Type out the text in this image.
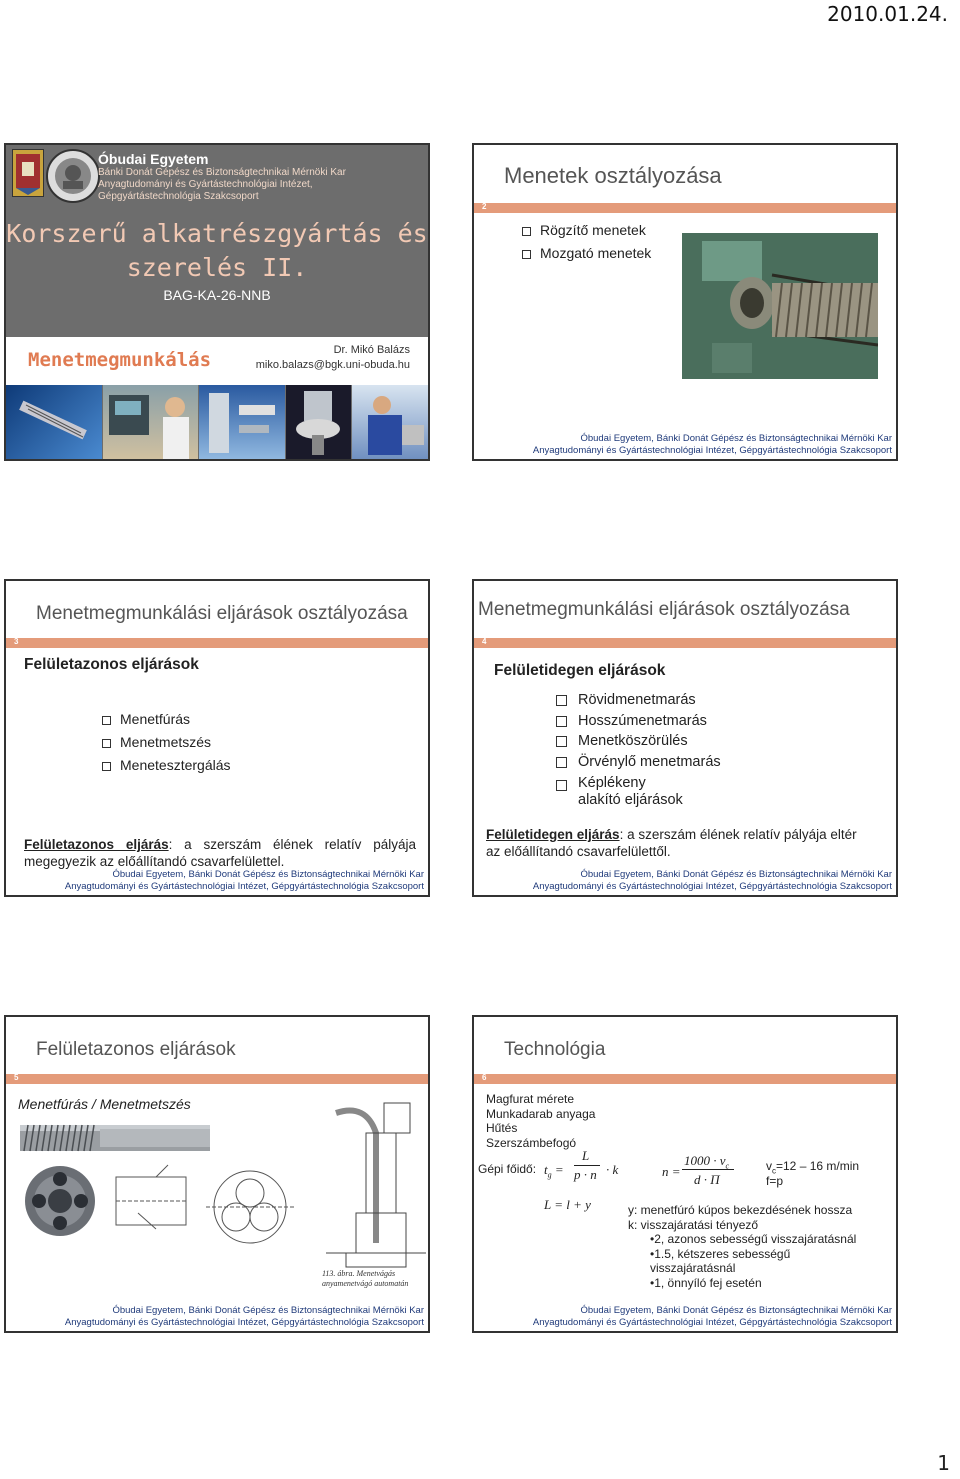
2010.01.24.
Óbudai Egyetem
Bánki Donát Gépész és Biztonságtechnikai Mérnöki Kar
Anyagtudományi és Gyártástechnológiai Intézet,
Gépgyártástechnológia Szakcsoport
Korszerű alkatrészgyártás és
szerelés II.
BAG-KA-26-NNB
Menetmegmunkálás	Dr. Mikó Balázs
miko.balazs@bgk.uni-obuda.hu
Menetek osztályozása
2
Rögzítő menetek
Mozgató menetek
Óbudai Egyetem, Bánki Donát Gépész és Biztonságtechnikai Mérnöki Kar
Anyagtudományi és Gyártástechnológiai Intézet, Gépgyártástechnológia Szakcsoport
Menetmegmunkálási eljárások osztályozása
3
Felületazonos eljárások
Menetfúrás
Menetmetszés
Menetesztergálás
Felületazonos eljárás: a szerszám élének relatív pályája megegyezik az előállítandó csavarfelülettel.
Óbudai Egyetem, Bánki Donát Gépész és Biztonságtechnikai Mérnöki Kar
Anyagtudományi és Gyártástechnológiai Intézet, Gépgyártástechnológia Szakcsoport
Menetmegmunkálási eljárások osztályozása
4
Felületidegen eljárások
Rövidmenetmarás
Hosszúmenetmarás
Menetköszörülés
Örvénylő menetmarás
Képlékeny alakító eljárások
Felületidegen eljárás: a szerszám élének relatív pályája eltér az előállítandó csavarfelülettől.
Óbudai Egyetem, Bánki Donát Gépész és Biztonságtechnikai Mérnöki Kar
Anyagtudományi és Gyártástechnológiai Intézet, Gépgyártástechnológia Szakcsoport
Felületazonos eljárások
5
Menetfúrás / Menetmetszés
113. ábra. Menetvágás
anyamenetvágó automatán
Óbudai Egyetem, Bánki Donát Gépész és Biztonságtechnikai Mérnöki Kar
Anyagtudományi és Gyártástechnológiai Intézet, Gépgyártástechnológia Szakcsoport
Technológia
6
Magfurat mérete
Munkadarab anyaga
Hűtés
Szerszámbefogó
Gépi főidő: $t_g$ =
L
p · n · k
L = l + y
n =
$1000 \cdot v_c$
d · Π
$v_c=12 - 16$ m/min
f=p
y: menetfúró kúpos bekezdésének hossza
k: visszajáratási tényező
•2, azonos sebességű visszajáratásnál
•1.5, kétszeres sebességű visszajáratásnál
•1, önnyíló fej esetén
Óbudai Egyetem, Bánki Donát Gépész és Biztonságtechnikai Mérnöki Kar
Anyagtudományi és Gyártástechnológiai Intézet, Gépgyártástechnológia Szakcsoport
1
